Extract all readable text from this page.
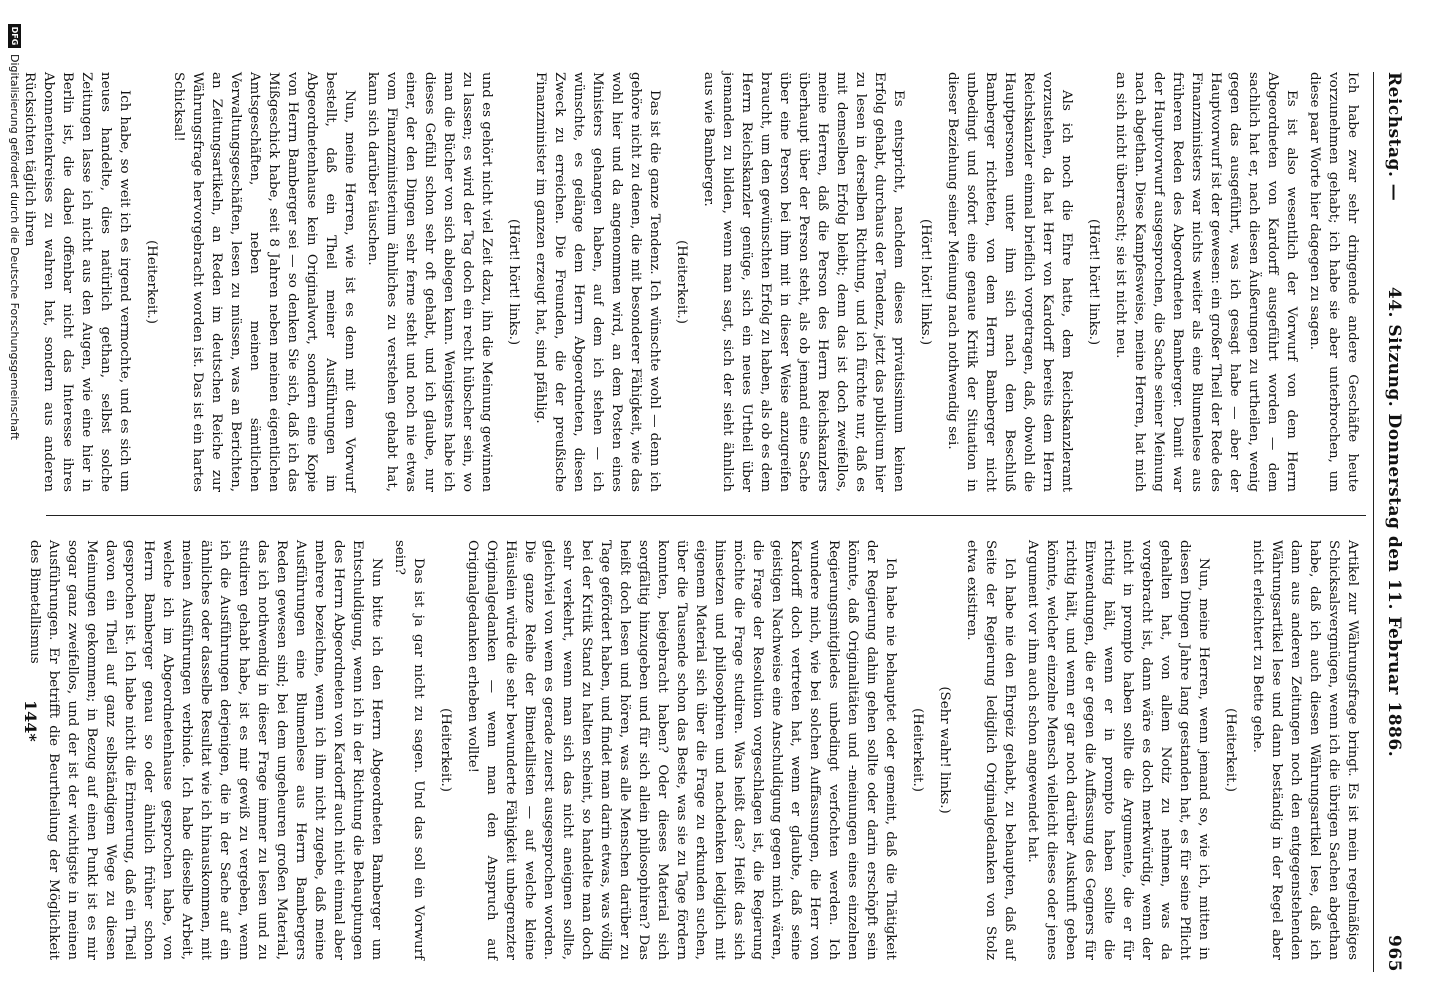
Reichstag. —
44. Sitzung. Donnerstag den 11. Februar 1886.
965

Ich habe zwar sehr dringende andere Geschäfte heute vorzunehmen gehabt; ich habe sie aber unterbrochen, um diese paar Worte hier dagegen zu sagen.

Es ist also wesentlich der Vorwurf von dem Herrn Abgeordneten von Kardorff ausgeführt worden — dem sachlich hat er, nach diesen Äußerungen zu urtheilen, wenig gegen das ausgeführt, was ich gesagt habe — aber der Hauptvorwurf ist der gewesen: ein großer Theil der Rede des Finanzministers war nichts weiter als eine Blumenlese aus früheren Reden des Abgeordneten Bamberger. Damit war der Hauptvorwurf ausgesprochen, die Sache seiner Meinung nach abgethan. Diese Kampfesweise, meine Herren, hat mich an sich nicht überrascht; sie ist nicht neu.

(Hört! hört! links.)

Als ich noch die Ehre hatte, dem Reichskanzleramt vorzustehen, da hat Herr von Kardorff bereits dem Herrn Reichskanzler einmal brieflich vorgetragen, daß, obwohl die Hauptpersonen unter ihm sich nach dem Beschluß Bamberger richteten, von dem Herrn Bamberger nicht unbedingt und sofort eine genaue Kritik der Situation in dieser Beziehung seiner Meinung nach nothwendig sei.

(Hört! hört! links.)

Es entspricht, nachdem dieses privatissimum keinen Erfolg gehabt, durchaus der Tendenz, jetzt das publicum hier zu lesen in derselben Richtung, und ich fürchte nur, daß es mit demselben Erfolg bleibt; denn das ist doch zweifellos, meine Herren, daß die Person des Herrn Reichskanzlers überhaupt über der Person steht, als ob jemand eine Sache über eine Person bei ihm mit in dieser Weise anzugreifen braucht, um den gewünschten Erfolg zu haben, als ob es dem Herrn Reichskanzler genüge, sich ein neues Urtheil über jemanden zu bilden, wenn man sagt, sich der sieht ähnlich aus wie Bamberger.

(Heiterkeit.)

Das ist die ganze Tendenz. Ich wünschte wohl — denn ich gehöre nicht zu denen, die mit besonderer Fähigkeit, wie das wohl hier und da angenommen wird, an dem Posten eines Ministers gehangen haben, auf dem ich stehen — ich wünschte, es gelänge dem Herrn Abgeordneten, diesen Zweck zu erreichen. Die Freunden, die der preußische Finanzminister im ganzen erzeugt hat, sind pfählig.

(Hört! hört! links.)

und es gehört nicht viel Zeit dazu, ihn die Meinung gewinnen zu lassen; es wird der Tag doch ein recht hübscher sein, wo man die Bücher von sich ablegen kann. Wenigstens habe ich dieses Gefühl schon sehr oft gehabt, und ich glaube, nur einer, der den Dingen sehr ferne steht und noch nie etwas vom Finanzministerium ähnliches zu verstehen gehabt hat, kann sich darüber täuschen.

Nun, meine Herren, wie ist es denn mit dem Vorwurf bestellt, daß ein Theil meiner Ausführungen im Abgeordnetenhause kein Originalwort, sondern eine Kopie von Herrn Bamberger sei — so denken Sie sich, daß ich das Mißgeschick habe, seit 8 Jahren neben meinen eigentlichen Amtsgeschäften, neben meinen sämtlichen Verwaltungsgeschäften, lesen zu müssen, was an Berichten, an Zeitungsartikeln, an Reden im deutschen Reiche zur Währungsfrage hervorgebracht worden ist. Das ist ein hartes Schicksal!

(Heiterkeit.)

Ich habe, so weit ich es irgend vermochte, und es sich um neues handelte, dies natürlich gethan, selbst solche Zeitungen lasse ich nicht aus den Augen, wie eine hier in Berlin ist, die dabei offenbar nicht das Interesse ihres Abonnentenkreises zu wahren hat, sondern aus anderen Rücksichten täglich ihren

Artikel zur Währungsfrage bringt. Es ist mein regelmäßiges Schicksalsvergnügen, wenn ich die übrigen Sachen abgethan habe, daß ich auch diesen Währungsartikel lese, daß ich dann aus anderen Zeitungen noch den entgegenstehenden Währungsartikel lese und dann beständig in der Regel aber nicht erleichtert zu Bette gehe.

(Heiterkeit.)

Nun, meine Herren, wenn jemand so, wie ich, mitten in diesen Dingen Jahre lang gestanden hat, es für seine Pflicht gehalten hat, von allem Notiz zu nehmen, was da vorgebracht ist, dann wäre es doch merkwürdig, wenn der nicht in prompto haben sollte die Argumente, die er für richtig hält, wenn er in prompto haben sollte die Einwendungen, die er gegen die Auffassung des Gegners für richtig hält, und wenn er gar noch darüber Auskunft geben könnte, welcher einzelne Mensch vielleicht dieses oder jenes Argument vor ihm auch schon angewendet hat.

Ich habe nie den Ehrgeiz gehabt, zu behaupten, daß auf Seite der Regierung lediglich Originalgedanken von Stolz etwa existiren.

(Sehr wahr! links.)

(Heiterkeit.)

Ich habe nie behauptet oder gemeint, daß die Thätigkeit der Regierung dahin gehen sollte oder darin erschöpft sein könnte, daß Originalitäten und -meinungen eines einzelnen Regierungsmitgliedes unbedingt verfochten werden. Ich wundere mich, wie bei solchen Auffassungen, die Herr von Kardorff doch vertreten hat, wenn er glaubte, daß seine geistigen Nachweise eine Anschuldigung gegen mich wären, die Frage der Resolution vorgeschlagen ist, die Regierung möchte die Frage studiren. Was heißt das? Heißt das sich hinsetzen und philosophiren und nachdenken lediglich mit eigenem Material sich über die Frage zu erkunden suchen, über die Tausende schon das Beste, was sie zu Tage fördern konnten, beigebracht haben? Oder dieses Material sich sorgfältig hinzugeben und für sich allein philosophiren? Das heißt doch lesen und hören, was alle Menschen darüber zu Tage gefördert haben, und findet man darin etwas, was völlig bei der Kritik Stand zu halten scheint, so handelte man doch sehr verkehrt, wenn man sich das nicht aneignen sollte, gleichviel von wem es gerade zuerst ausgesprochen worden. Die ganze Reihe der Bimetallisten — auf welche kleine Häuslein würde die sehr bewunderte Fähigkeit unbegrenzter Originalgedanken — wenn man den Anspruch auf Originalgedanken erheben wollte!

(Heiterkeit.)

Das ist ja gar nicht zu sagen. Und das soll ein Vorwurf sein?

Nun bitte ich den Herrn Abgeordneten Bamberger um Entschuldigung, wenn ich in der Richtung die Behauptungen des Herrn Abgeordneten von Kardorff auch nicht einmal aber mehrere bezeichne, wenn ich ihm nicht zugebe, daß meine Ausführungen eine Blumenlese aus Herrn Bambergers Reden gewesen sind; bei dem ungeheuren großen Material, das ich nothwendig in dieser Frage immer zu lesen und zu studiren gehabt habe, ist es mir gewiß zu vergeben, wenn ich die Ausführungen derjenigen, die in der Sache auf ein ähnliches oder dasselbe Resultat wie ich hinauskommen, mit meinen Ausführungen verbinde. Ich habe dieselbe Arbeit, welche ich im Abgeordnetenhause gesprochen habe, von Herrn Bamberger genau so oder ähnlich früher schon gesprochen ist. Ich habe nicht die Erinnerung, daß ein Theil davon ein Theil auf ganz selbständigem Wege zu diesen Meinungen gekommen; in Bezug auf einen Punkt ist es mir sogar ganz zweifellos, und der ist der wichtigste in meinen Ausführungen. Er betrifft die Beurtheilung der Möglichkeit des Bimetallismus

144*
DFG
Digitalisierung gefördert durch die Deutsche Forschungsgemeinschaft
